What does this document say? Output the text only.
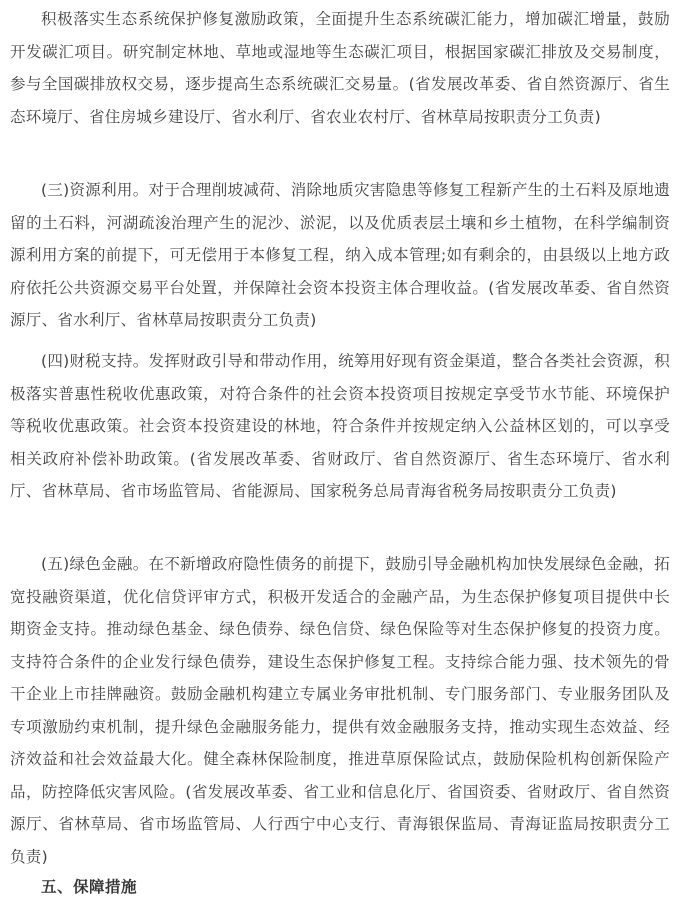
积极落实生态系统保护修复激励政策，全面提升生态系统碳汇能力，增加碳汇增量，鼓励开发碳汇项目。研究制定林地、草地或湿地等生态碳汇项目，根据国家碳汇排放及交易制度，参与全国碳排放权交易，逐步提高生态系统碳汇交易量。(省发展改革委、省自然资源厅、省生态环境厅、省住房城乡建设厅、省水利厅、省农业农村厅、省林草局按职责分工负责)

(三)资源利用。对于合理削坡减荷、消除地质灾害隐患等修复工程新产生的土石料及原地遗留的土石料，河湖疏浚治理产生的泥沙、淤泥，以及优质表层土壤和乡土植物，在科学编制资源利用方案的前提下，可无偿用于本修复工程，纳入成本管理;如有剩余的，由县级以上地方政府依托公共资源交易平台处置，并保障社会资本投资主体合理收益。(省发展改革委、省自然资源厅、省水利厅、省林草局按职责分工负责)

(四)财税支持。发挥财政引导和带动作用，统筹用好现有资金渠道，整合各类社会资源，积极落实普惠性税收优惠政策，对符合条件的社会资本投资项目按规定享受节水节能、环境保护等税收优惠政策。社会资本投资建设的林地，符合条件并按规定纳入公益林区划的，可以享受相关政府补偿补助政策。(省发展改革委、省财政厅、省自然资源厅、省生态环境厅、省水利厅、省林草局、省市场监管局、省能源局、国家税务总局青海省税务局按职责分工负责)

(五)绿色金融。在不新增政府隐性债务的前提下，鼓励引导金融机构加快发展绿色金融，拓宽投融资渠道，优化信贷评审方式，积极开发适合的金融产品，为生态保护修复项目提供中长期资金支持。推动绿色基金、绿色债券、绿色信贷、绿色保险等对生态保护修复的投资力度。支持符合条件的企业发行绿色债券，建设生态保护修复工程。支持综合能力强、技术领先的骨干企业上市挂牌融资。鼓励金融机构建立专属业务审批机制、专门服务部门、专业服务团队及专项激励约束机制，提升绿色金融服务能力，提供有效金融服务支持，推动实现生态效益、经济效益和社会效益最大化。健全森林保险制度，推进草原保险试点，鼓励保险机构创新保险产品，防控降低灾害风险。(省发展改革委、省工业和信息化厅、省国资委、省财政厅、省自然资源厅、省林草局、省市场监管局、人行西宁中心支行、青海银保监局、青海证监局按职责分工负责)

五、保障措施
